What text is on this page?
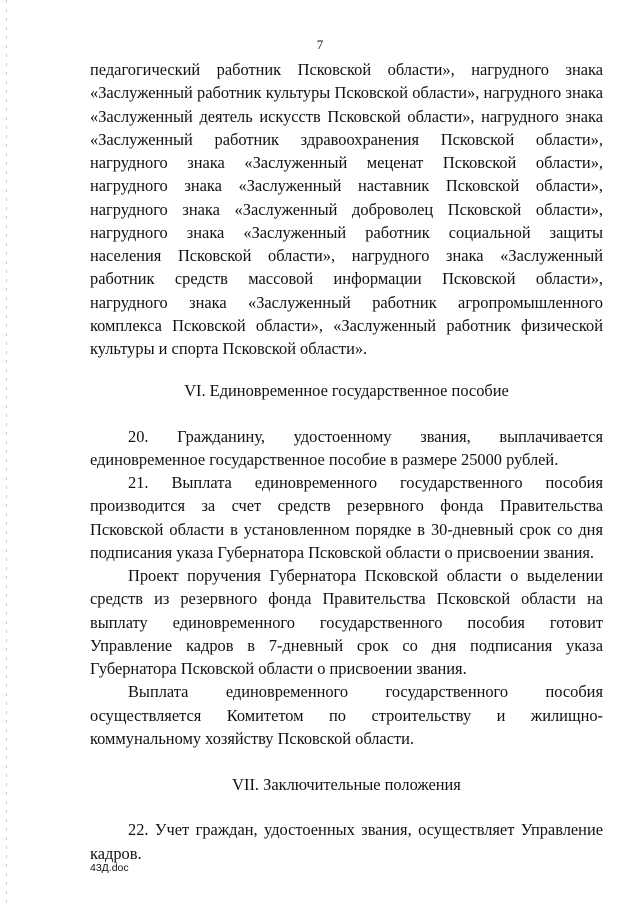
7

педагогический работник Псковской области», нагрудного знака «Заслуженный работник культуры Псковской области», нагрудного знака «Заслуженный деятель искусств Псковской области», нагрудного знака «Заслуженный работник здравоохранения Псковской области», нагрудного знака «Заслуженный меценат Псковской области», нагрудного знака «Заслуженный наставник Псковской области», нагрудного знака «Заслуженный доброволец Псковской области», нагрудного знака «Заслуженный работник социальной защиты населения Псковской области», нагрудного знака «Заслуженный работник средств массовой информации Псковской области», нагрудного знака «Заслуженный работник агропромышленного комплекса Псковской области», «Заслуженный работник физической культуры и спорта Псковской области».

VI. Единовременное государственное пособие

20. Гражданину, удостоенному звания, выплачивается единовременное государственное пособие в размере 25000 рублей.

21. Выплата единовременного государственного пособия производится за счет средств резервного фонда Правительства Псковской области в установленном порядке в 30-дневный срок со дня подписания указа Губернатора Псковской области о присвоении звания.

Проект поручения Губернатора Псковской области о выделении средств из резервного фонда Правительства Псковской области на выплату единовременного государственного пособия готовит Управление кадров в 7-дневный срок со дня подписания указа Губернатора Псковской области о присвоении звания.

Выплата единовременного государственного пособия осуществляется Комитетом по строительству и жилищно-коммунальному хозяйству Псковской области.

VII. Заключительные положения

22. Учет граждан, удостоенных звания, осуществляет Управление кадров.

43Д.doc
